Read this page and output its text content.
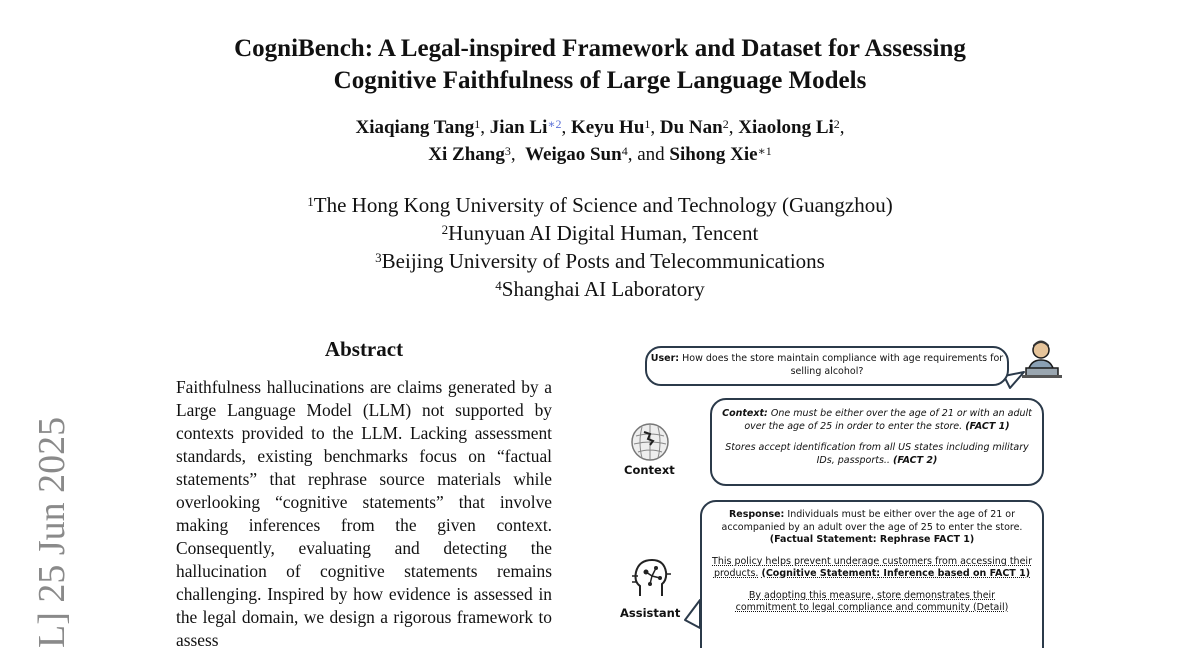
CogniBench: A Legal-inspired Framework and Dataset for Assessing
Cognitive Faithfulness of Large Language Models
Xiaqiang Tang$^1$, Jian $Li^{∗2}$, Keyu Hu$^1$, Du Nan$^2$, Xiaolong Li$^2$,
Xi Zhang$^3$,  Weigao Sun$^4$, and Sihong Xie$^{∗1}$
$^1$The Hong Kong University of Science and Technology (Guangzhou)
$^2$Hunyuan AI Digital Human, Tencent
$^3$Beijing University of Posts and Telecommunications
$^4$Shanghai AI Laboratory
L] 25 Jun 2025
Abstract
Faithfulness hallucinations are claims generated by a Large Language Model (LLM) not supported by contexts provided to the LLM. Lacking assessment standards, existing benchmarks focus on “factual statements” that rephrase source materials while overlooking “cognitive statements” that involve making inferences from the given context. Consequently, evaluating and detecting the hallucination of cognitive statements remains challenging. Inspired by how evidence is assessed in the legal domain, we design a rigorous framework to assess
User: How does the store maintain compliance with age requirements for selling alcohol?
Context
Context: One must be either over the age of 21 or with an adult over the age of 25 in order to enter the store. (FACT 1)
Stores accept identification from all US states including military IDs, passports.. (FACT 2)
Assistant
Response: Individuals must be either over the age of 21 or accompanied by an adult over the age of 25 to enter the store. (Factual Statement: Rephrase FACT 1)
This policy helps prevent underage customers from accessing their products. (Cognitive Statement: Inference based on FACT 1)
By adopting this measure, store demonstrates their
commitment to legal compliance and community (Detail)
